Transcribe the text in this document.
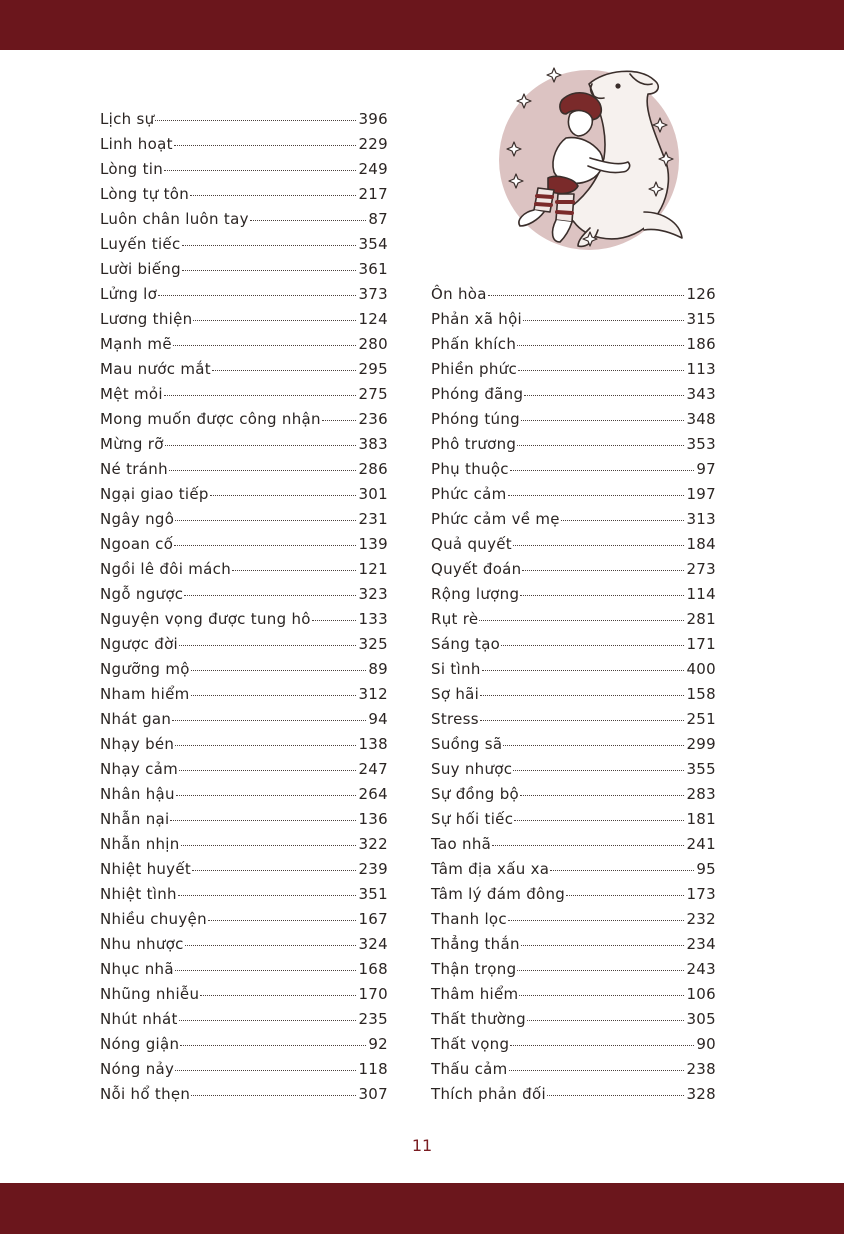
Lịch sự	396
Linh hoạt	229
Lòng tin	249
Lòng tự tôn	217
Luôn chân luôn tay	87
Luyến tiếc	354
Lười biếng	361
Lửng lơ	373
Lương thiện	124
Mạnh mẽ	280
Mau nước mắt	295
Mệt mỏi	275
Mong muốn được công nhận	236
Mừng rỡ	383
Né tránh	286
Ngại giao tiếp	301
Ngây ngô	231
Ngoan cố	139
Ngồi lê đôi mách	121
Ngỗ ngược	323
Nguyện vọng được tung hô	133
Ngược đời	325
Ngưỡng mộ	89
Nham hiểm	312
Nhát gan	94
Nhạy bén	138
Nhạy cảm	247
Nhân hậu	264
Nhẫn nại	136
Nhẫn nhịn	322
Nhiệt huyết	239
Nhiệt tình	351
Nhiều chuyện	167
Nhu nhược	324
Nhục nhã	168
Nhũng nhiễu	170
Nhút nhát	235
Nóng giận	92
Nóng nảy	118
Nỗi hổ thẹn	307
Ôn hòa	126
Phản xã hội	315
Phấn khích	186
Phiền phức	113
Phóng đãng	343
Phóng túng	348
Phô trương	353
Phụ thuộc	97
Phức cảm	197
Phức cảm về mẹ	313
Quả quyết	184
Quyết đoán	273
Rộng lượng	114
Rụt rè	281
Sáng tạo	171
Si tình	400
Sợ hãi	158
Stress	251
Suồng sã	299
Suy nhược	355
Sự đồng bộ	283
Sự hối tiếc	181
Tao nhã	241
Tâm địa xấu xa	95
Tâm lý đám đông	173
Thanh lọc	232
Thẳng thắn	234
Thận trọng	243
Thâm hiểm	106
Thất thường	305
Thất vọng	90
Thấu cảm	238
Thích phản đối	328
11
